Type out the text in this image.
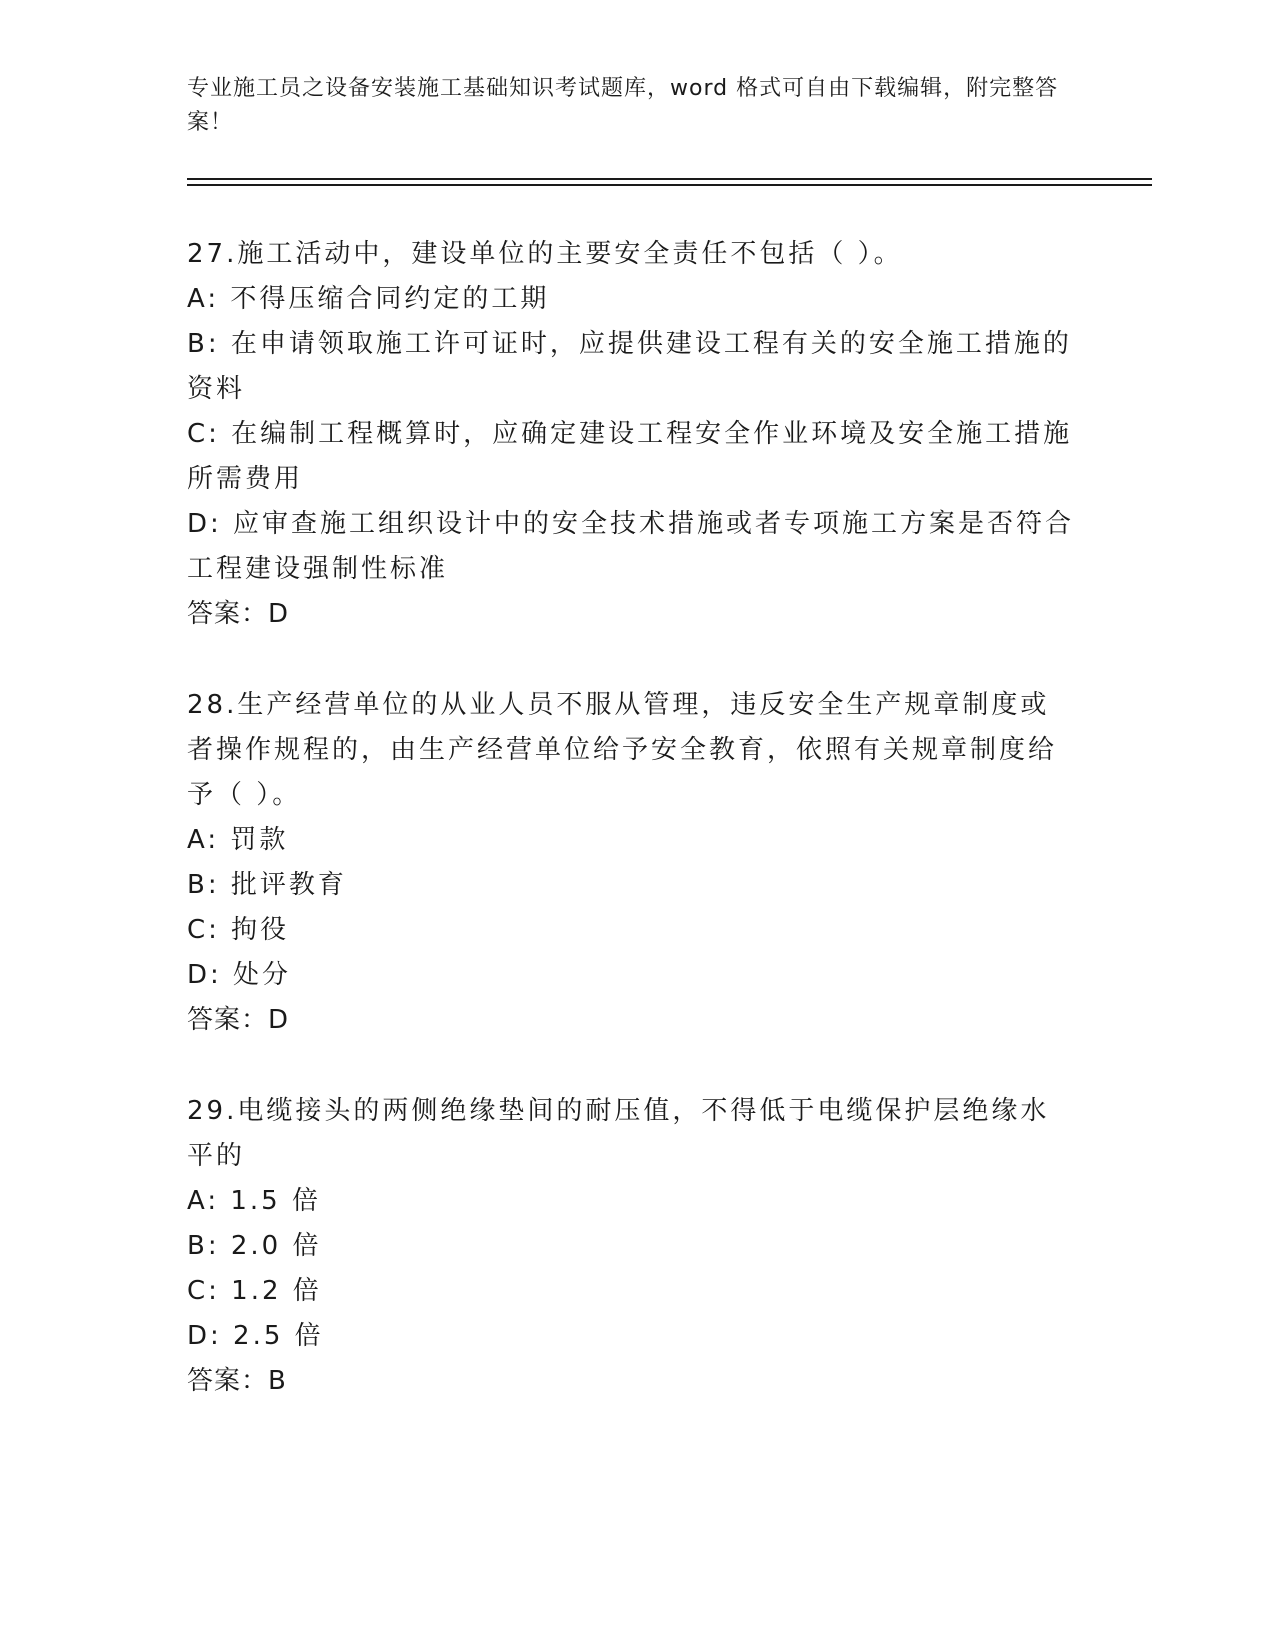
专业施工员之设备安装施工基础知识考试题库，word 格式可自由下载编辑，附完整答案！

27.施工活动中，建设单位的主要安全责任不包括（ ）。

A: 不得压缩合同约定的工期

B: 在申请领取施工许可证时，应提供建设工程有关的安全施工措施的资料

C: 在编制工程概算时，应确定建设工程安全作业环境及安全施工措施所需费用

D: 应审查施工组织设计中的安全技术措施或者专项施工方案是否符合工程建设强制性标准

答案：D

28.生产经营单位的从业人员不服从管理，违反安全生产规章制度或者操作规程的，由生产经营单位给予安全教育，依照有关规章制度给予（ ）。

A: 罚款

B: 批评教育

C: 拘役

D: 处分

答案：D

29.电缆接头的两侧绝缘垫间的耐压值，不得低于电缆保护层绝缘水平的

A: 1.5 倍

B: 2.0 倍

C: 1.2 倍

D: 2.5 倍

答案：B
